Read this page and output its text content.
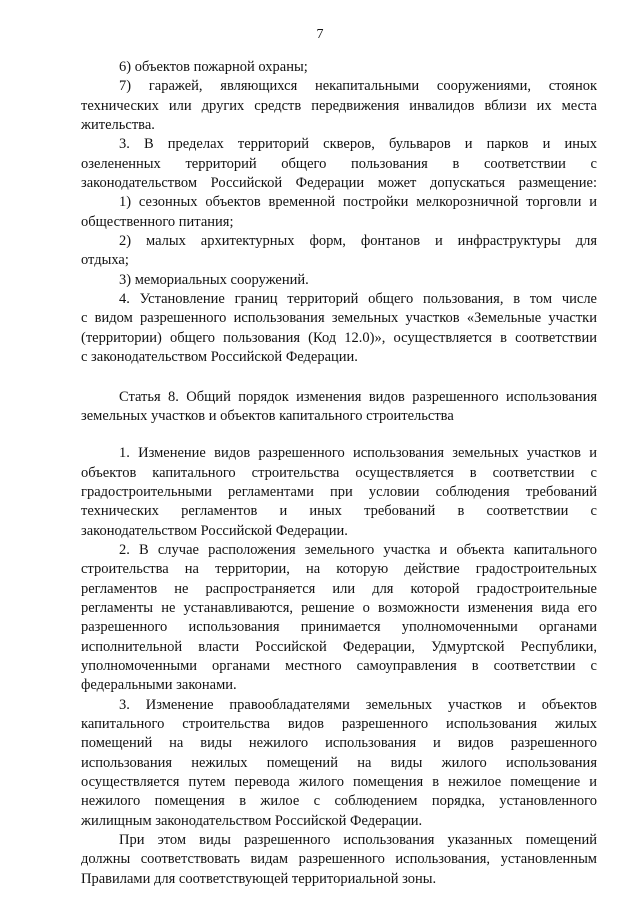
7
6) объектов пожарной охраны;
7) гаражей, являющихся некапитальными сооружениями, стоянок
технических или других средств передвижения инвалидов вблизи их места
жительства.
3. В пределах территорий скверов, бульваров и парков и иных
озелененных территорий общего пользования в соответствии с
законодательством Российской Федерации может допускаться размещение:
1) сезонных объектов временной постройки мелкорозничной торговли и
общественного питания;
2) малых архитектурных форм, фонтанов и инфраструктуры для
отдыха;
3) мемориальных сооружений.
4. Установление границ территорий общего пользования, в том числе
с видом разрешенного использования земельных участков «Земельные участки
(территории) общего пользования (Код 12.0)», осуществляется в соответствии
с законодательством Российской Федерации.
Статья 8. Общий порядок изменения видов разрешенного использования
земельных участков и объектов капитального строительства
1. Изменение видов разрешенного использования земельных участков и
объектов капитального строительства осуществляется в соответствии с
градостроительными регламентами при условии соблюдения требований
технических регламентов и иных требований в соответствии с
законодательством Российской Федерации.
2. В случае расположения земельного участка и объекта капитального
строительства на территории, на которую действие градостроительных
регламентов не распространяется или для которой градостроительные
регламенты не устанавливаются, решение о возможности изменения вида его
разрешенного использования принимается уполномоченными органами
исполнительной власти Российской Федерации, Удмуртской Республики,
уполномоченными органами местного самоуправления в соответствии с
федеральными законами.
3. Изменение правообладателями земельных участков и объектов
капитального строительства видов разрешенного использования жилых
помещений на виды нежилого использования и видов разрешенного
использования нежилых помещений на виды жилого использования
осуществляется путем перевода жилого помещения в нежилое помещение и
нежилого помещения в жилое с соблюдением порядка, установленного
жилищным законодательством Российской Федерации.
При этом виды разрешенного использования указанных помещений
должны соответствовать видам разрешенного использования, установленным
Правилами для соответствующей территориальной зоны.
